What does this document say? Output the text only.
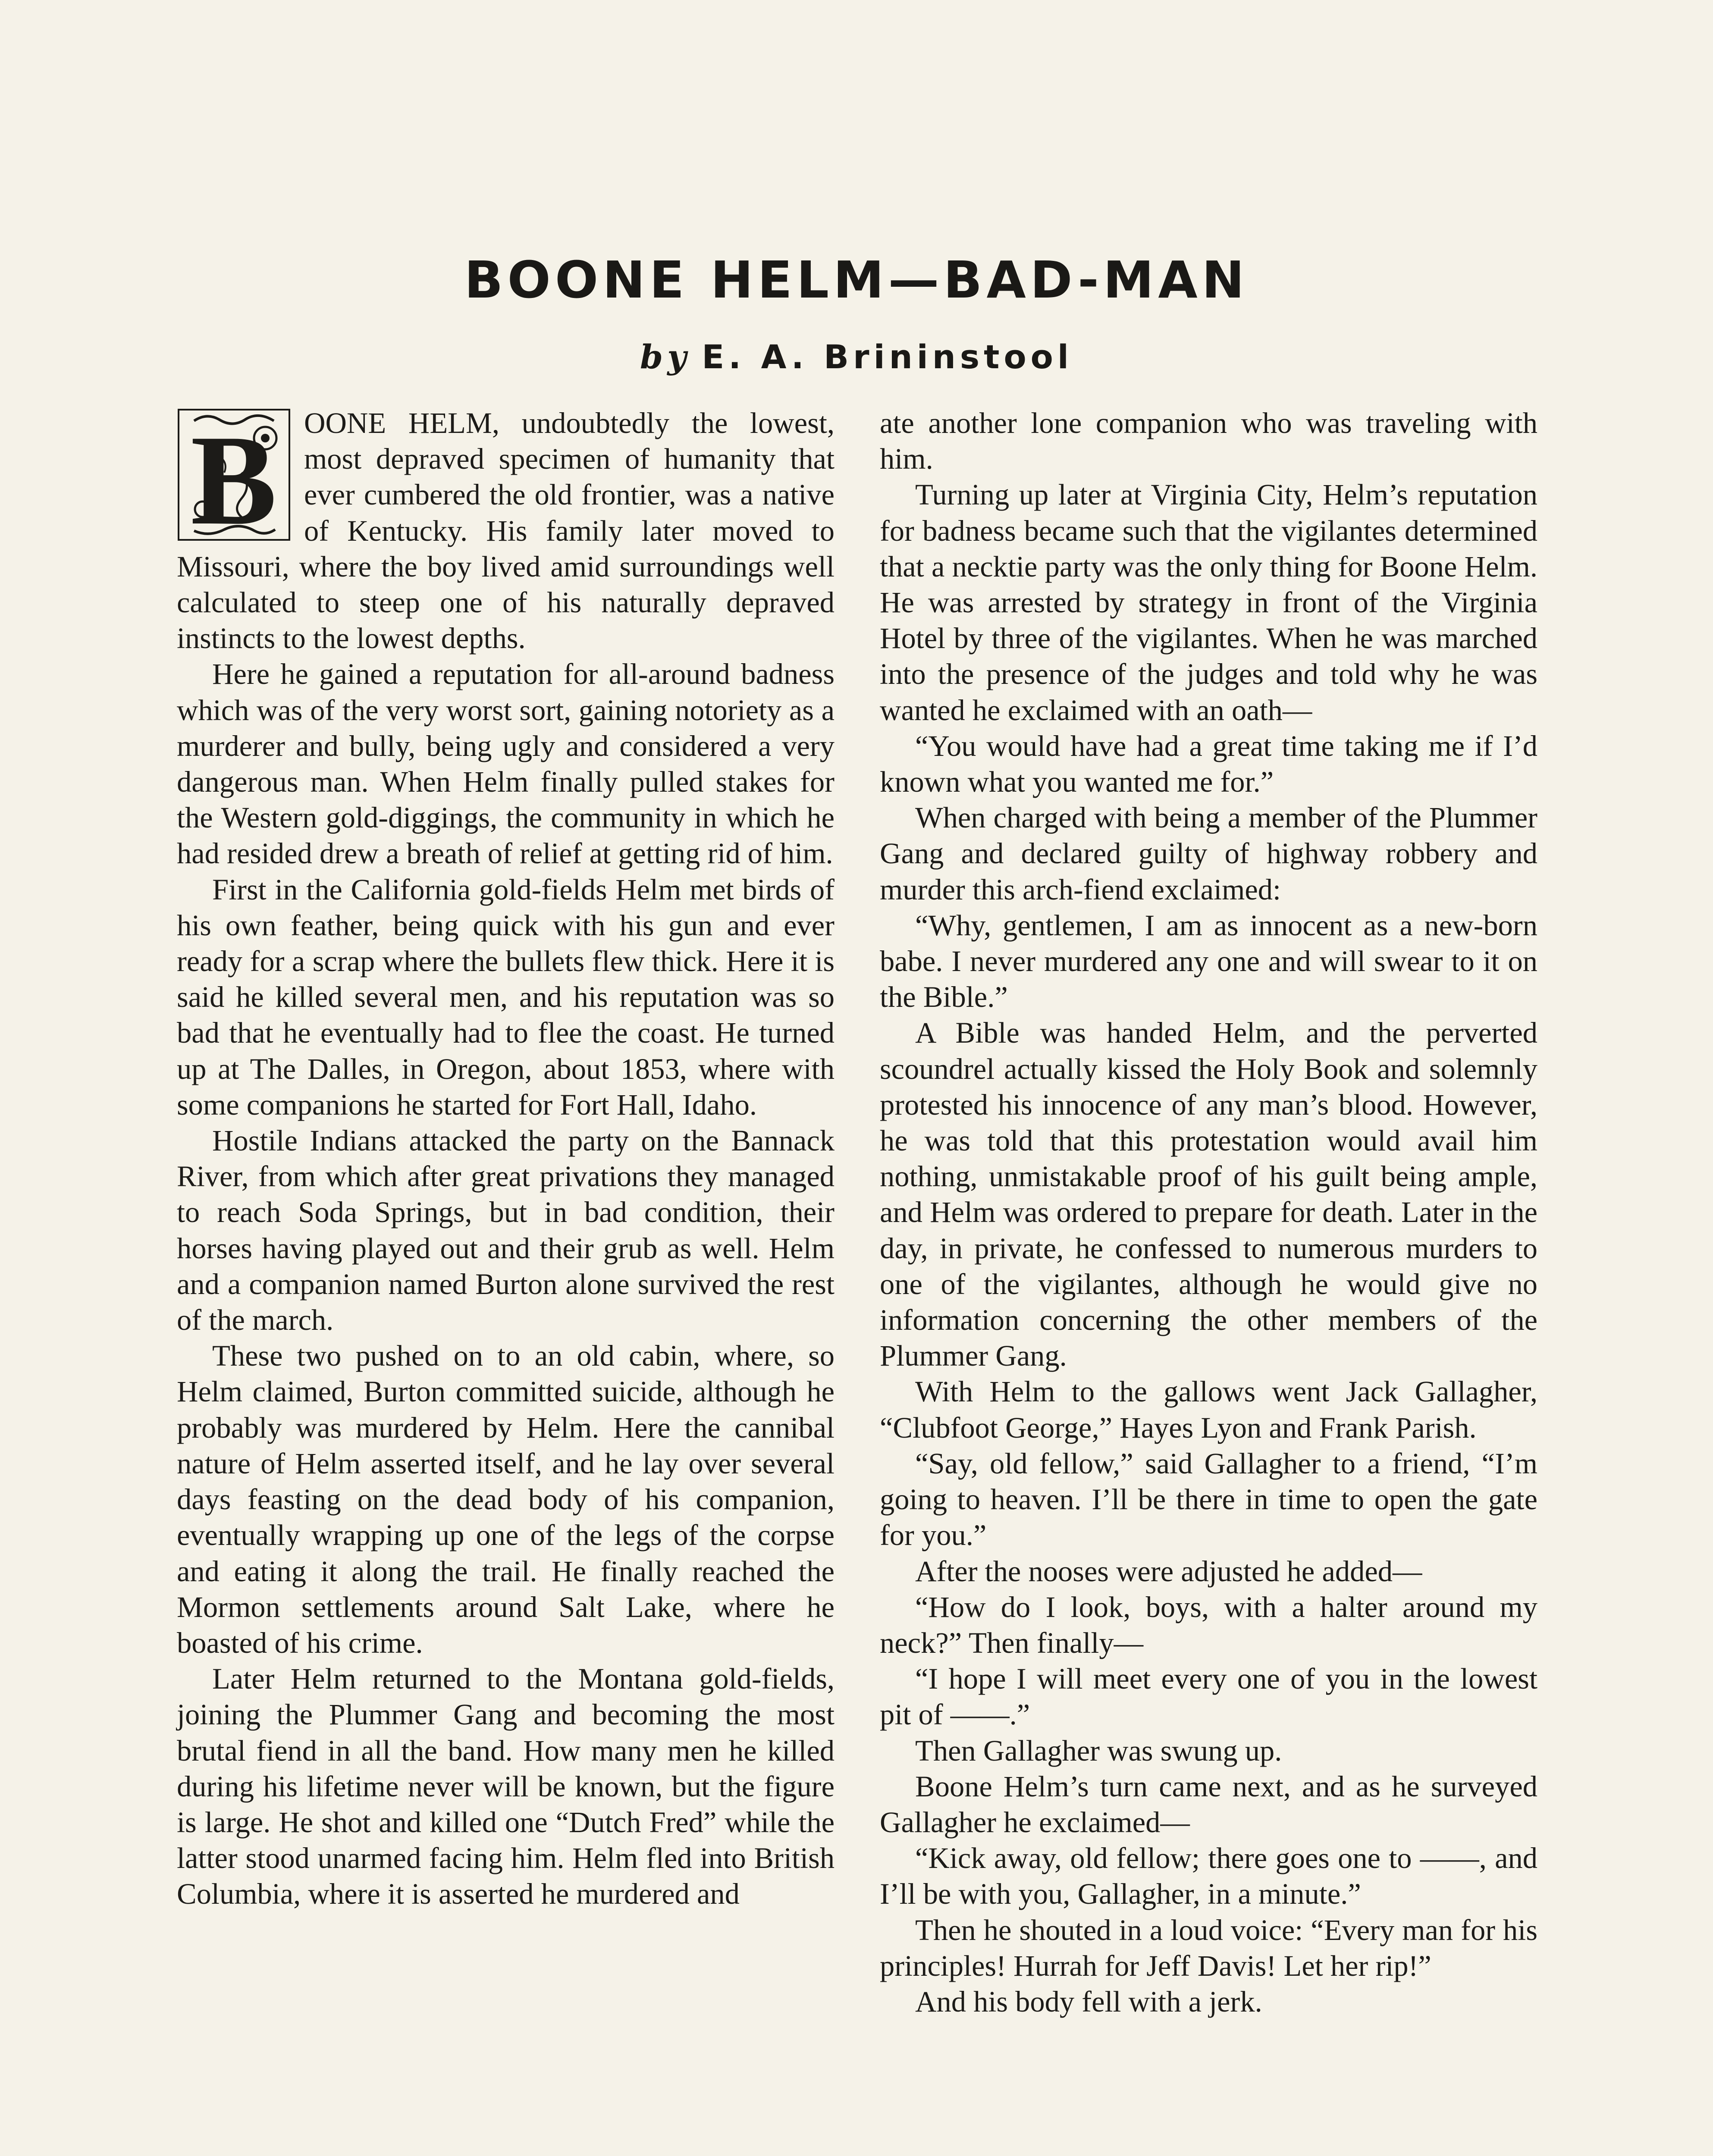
BOONE HELM—BAD-MAN
by E. A. Brininstool
B OONE HELM, undoubtedly the lowest, most depraved specimen of humanity that ever cumbered the old frontier, was a native of Kentucky. His family later moved to Missouri, where the boy lived amid surroundings well calculated to steep one of his naturally depraved instincts to the lowest depths.

Here he gained a reputation for all-around badness which was of the very worst sort, gaining notoriety as a murderer and bully, being ugly and considered a very dangerous man. When Helm finally pulled stakes for the Western gold-diggings, the community in which he had resided drew a breath of relief at getting rid of him.

First in the California gold-fields Helm met birds of his own feather, being quick with his gun and ever ready for a scrap where the bullets flew thick. Here it is said he killed several men, and his reputation was so bad that he eventually had to flee the coast. He turned up at The Dalles, in Oregon, about 1853, where with some companions he started for Fort Hall, Idaho.

Hostile Indians attacked the party on the Bannack River, from which after great privations they managed to reach Soda Springs, but in bad condition, their horses having played out and their grub as well. Helm and a companion named Burton alone survived the rest of the march.

These two pushed on to an old cabin, where, so Helm claimed, Burton committed suicide, although he probably was murdered by Helm. Here the cannibal nature of Helm asserted itself, and he lay over several days feasting on the dead body of his companion, eventually wrapping up one of the legs of the corpse and eating it along the trail. He finally reached the Mormon settlements around Salt Lake, where he boasted of his crime.

Later Helm returned to the Montana gold-fields, joining the Plummer Gang and becoming the most brutal fiend in all the band. How many men he killed during his lifetime never will be known, but the figure is large. He shot and killed one “Dutch Fred” while the latter stood unarmed facing him. Helm fled into British Columbia, where it is asserted he murdered and

ate another lone companion who was traveling with him.

Turning up later at Virginia City, Helm’s reputation for badness became such that the vigilantes determined that a necktie party was the only thing for Boone Helm. He was arrested by strategy in front of the Virginia Hotel by three of the vigilantes. When he was marched into the presence of the judges and told why he was wanted he exclaimed with an oath—

“You would have had a great time taking me if I’d known what you wanted me for.”

When charged with being a member of the Plummer Gang and declared guilty of highway robbery and murder this arch-fiend exclaimed:

“Why, gentlemen, I am as innocent as a new-born babe. I never murdered any one and will swear to it on the Bible.”

A Bible was handed Helm, and the perverted scoundrel actually kissed the Holy Book and solemnly protested his innocence of any man’s blood. However, he was told that this protestation would avail him nothing, unmistakable proof of his guilt being ample, and Helm was ordered to prepare for death. Later in the day, in private, he confessed to numerous murders to one of the vigilantes, although he would give no information concerning the other members of the Plummer Gang.

With Helm to the gallows went Jack Gallagher, “Clubfoot George,” Hayes Lyon and Frank Parish.

“Say, old fellow,” said Gallagher to a friend, “I’m going to heaven. I’ll be there in time to open the gate for you.”

After the nooses were adjusted he added—

“How do I look, boys, with a halter around my neck?” Then finally—

“I hope I will meet every one of you in the lowest pit of ——.”

Then Gallagher was swung up.

Boone Helm’s turn came next, and as he surveyed Gallagher he exclaimed—

“Kick away, old fellow; there goes one to ——, and I’ll be with you, Gallagher, in a minute.”

Then he shouted in a loud voice: “Every man for his principles! Hurrah for Jeff Davis! Let her rip!”

And his body fell with a jerk.
